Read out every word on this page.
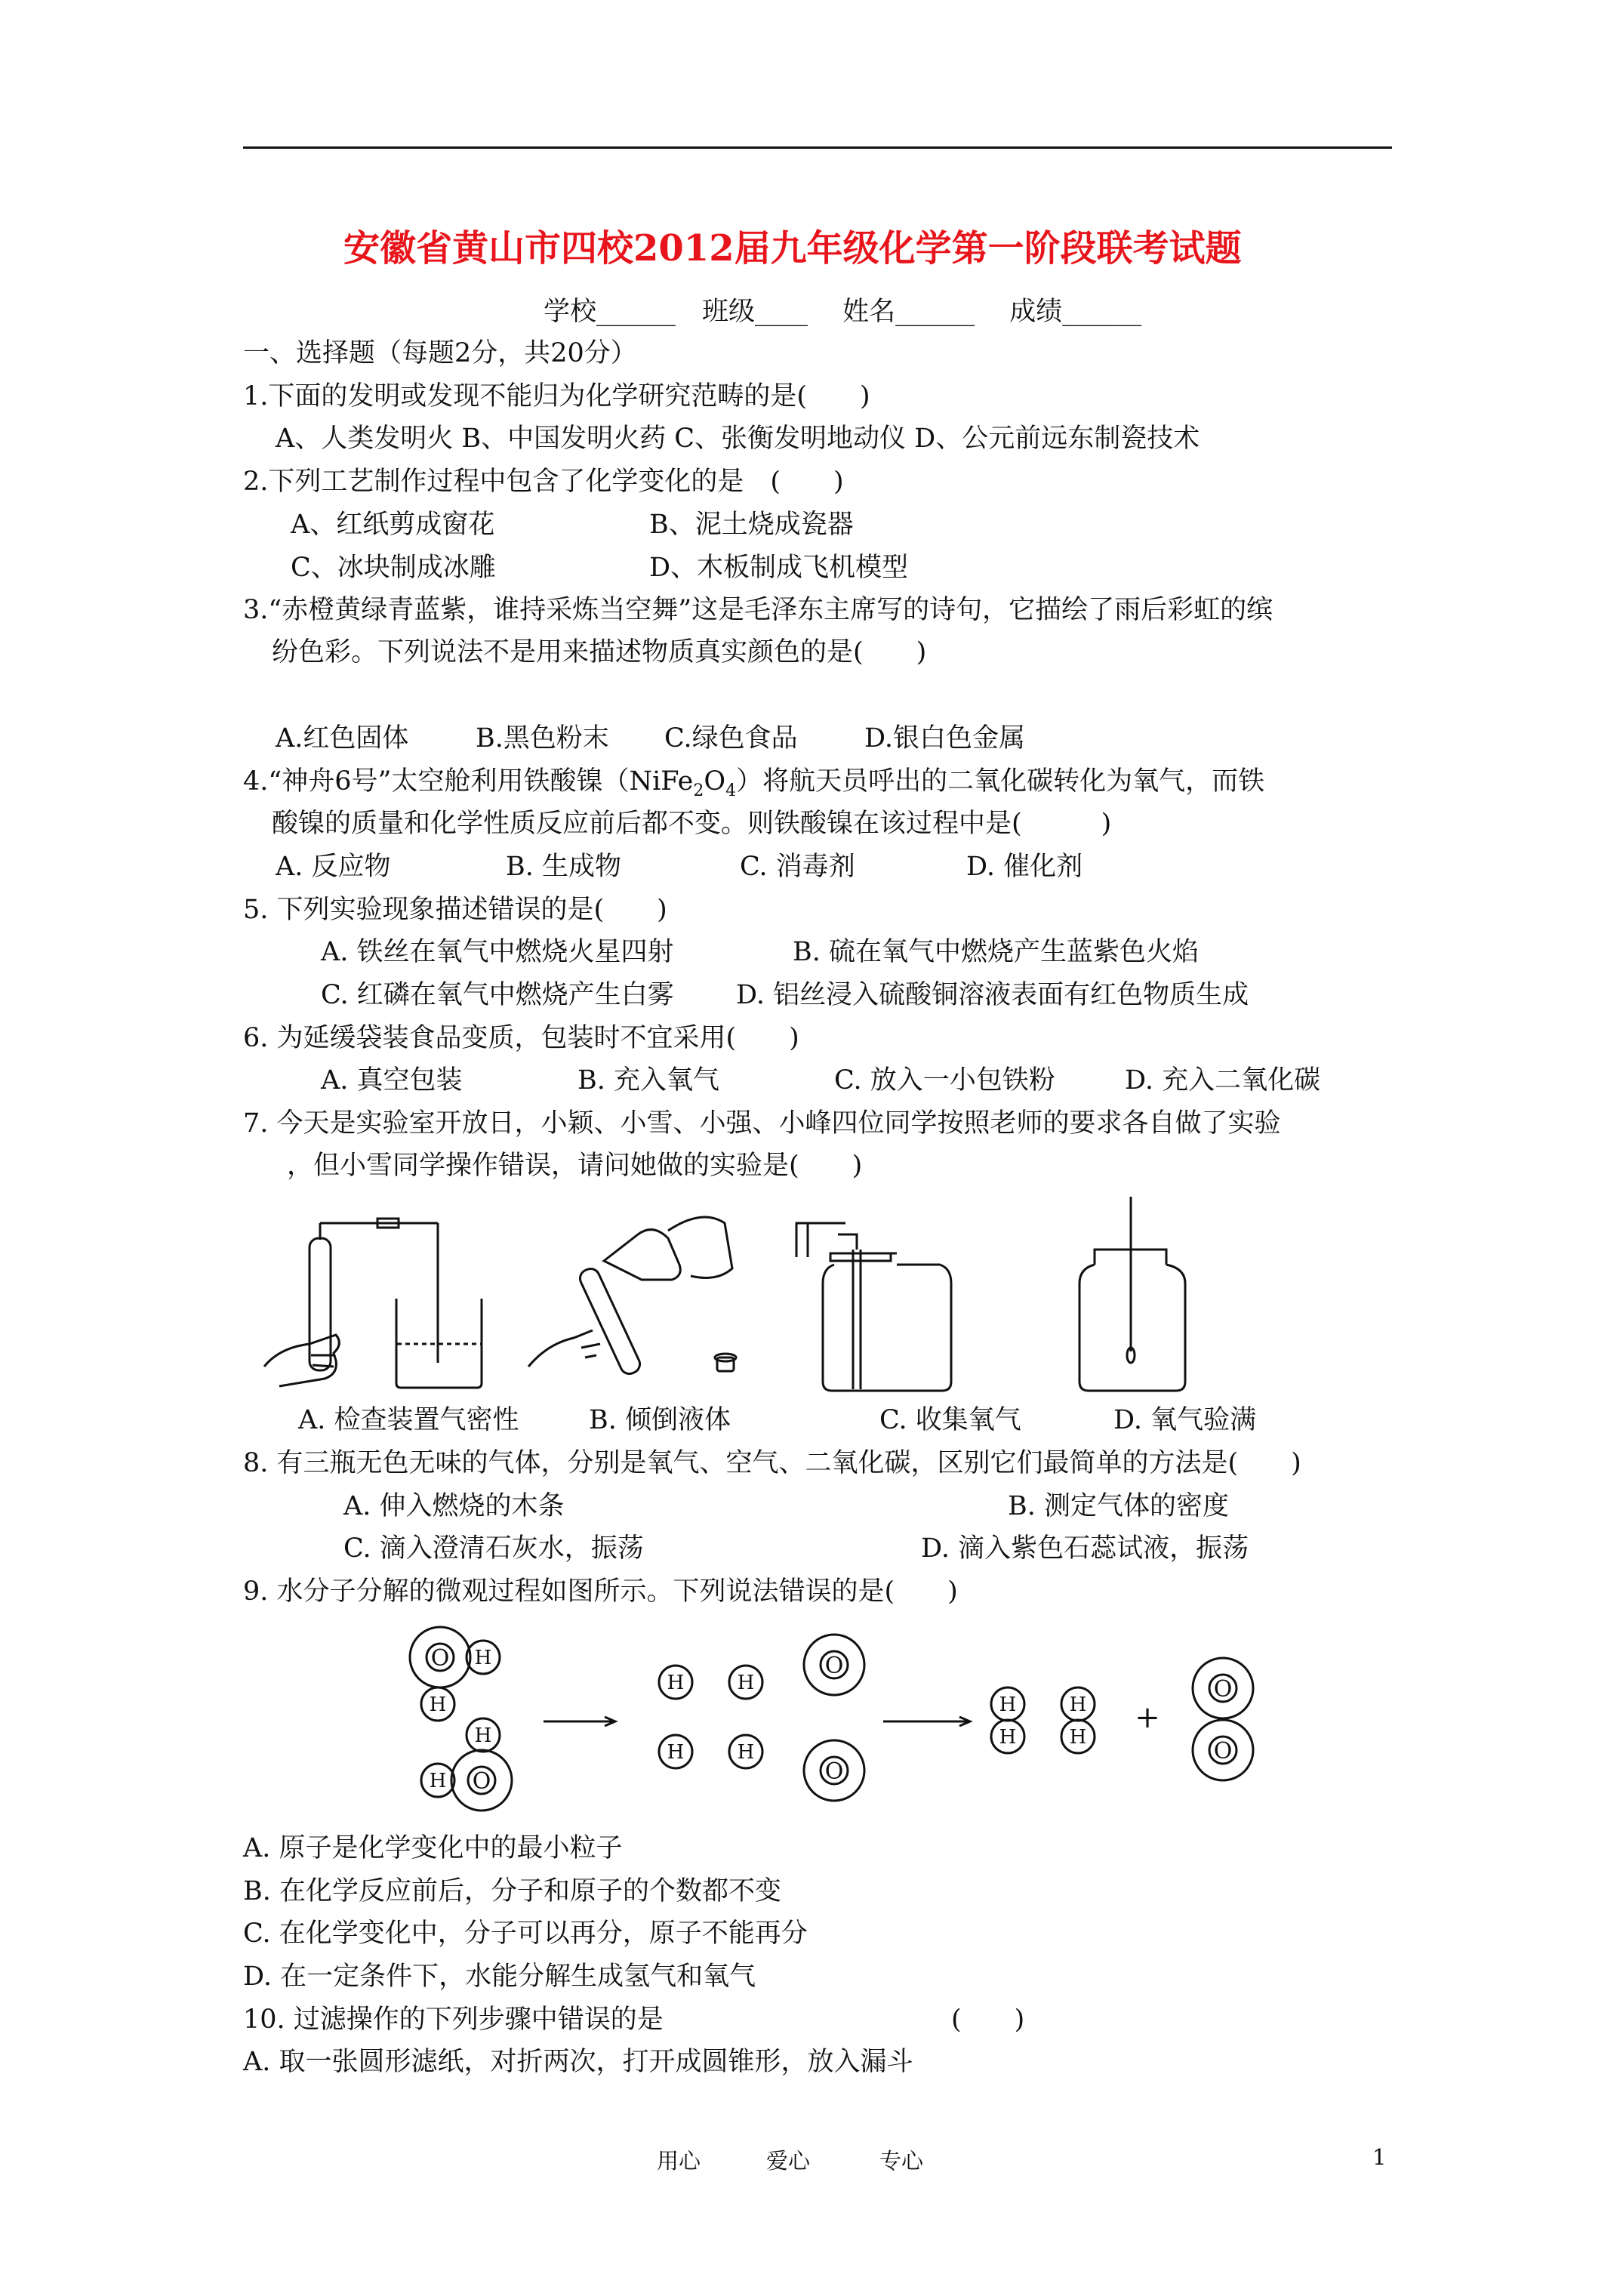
安徽省黄山市四校2012届九年级化学第一阶段联考试题
学校______　班级____　 姓名______　 成绩______
一、选择题（每题2分，共20分）
1.下面的发明或发现不能归为化学研究范畴的是(　　)
A、人类发明火 B、中国发明火药 C、张衡发明地动仪 D、公元前远东制瓷技术
2.下列工艺制作过程中包含了化学变化的是　(　　)
A、红纸剪成窗花	B、泥土烧成瓷器
C、冰块制成冰雕	D、木板制成飞机模型
3.“赤橙黄绿青蓝紫，谁持采炼当空舞”这是毛泽东主席写的诗句，它描绘了雨后彩虹的缤
纷色彩。下列说法不是用来描述物质真实颜色的是(　　)
A.红色固体	B.黑色粉末 C.绿色食品	D.银白色金属
4.“神舟6号”太空舱利用铁酸镍$(NiFe_2O_4)$将航天员呼出的二氧化碳转化为氧气，而铁
酸镍的质量和化学性质反应前后都不变。则铁酸镍在该过程中是(　　　)
A. 反应物	B. 生成物	C. 消毒剂	D. 催化剂
5. 下列实验现象描述错误的是(　　)
A. 铁丝在氧气中燃烧火星四射	B. 硫在氧气中燃烧产生蓝紫色火焰
C. 红磷在氧气中燃烧产生白雾 D. 铝丝浸入硫酸铜溶液表面有红色物质生成
6. 为延缓袋装食品变质，包装时不宜采用(　　)
A. 真空包装	B. 充入氧气	C. 放入一小包铁粉	D. 充入二氧化碳
7. 今天是实验室开放日，小颖、小雪、小强、小峰四位同学按照老师的要求各自做了实验
，但小雪同学操作错误，请问她做的实验是(　　)
A. 检查装置气密性	B. 倾倒液体	C. 收集氧气	D. 氧气验满
8. 有三瓶无色无味的气体，分别是氧气、空气、二氧化碳，区别它们最简单的方法是(　　)
A. 伸入燃烧的木条	B. 测定气体的密度
C. 滴入澄清石灰水，振荡	D. 滴入紫色石蕊试液，振荡
9. 水分子分解的微观过程如图所示。下列说法错误的是(　　)
O H
H
H
H O
H	H
O
H	H
O
H
H
H
H
+
O
O
A. 原子是化学变化中的最小粒子
B. 在化学反应前后，分子和原子的个数都不变
C. 在化学变化中，分子可以再分，原子不能再分
D. 在一定条件下，水能分解生成氢气和氧气
10. 过滤操作的下列步骤中错误的是	(　　)
A. 取一张圆形滤纸，对折两次，打开成圆锥形，放入漏斗
用心	爱心	专心	1
